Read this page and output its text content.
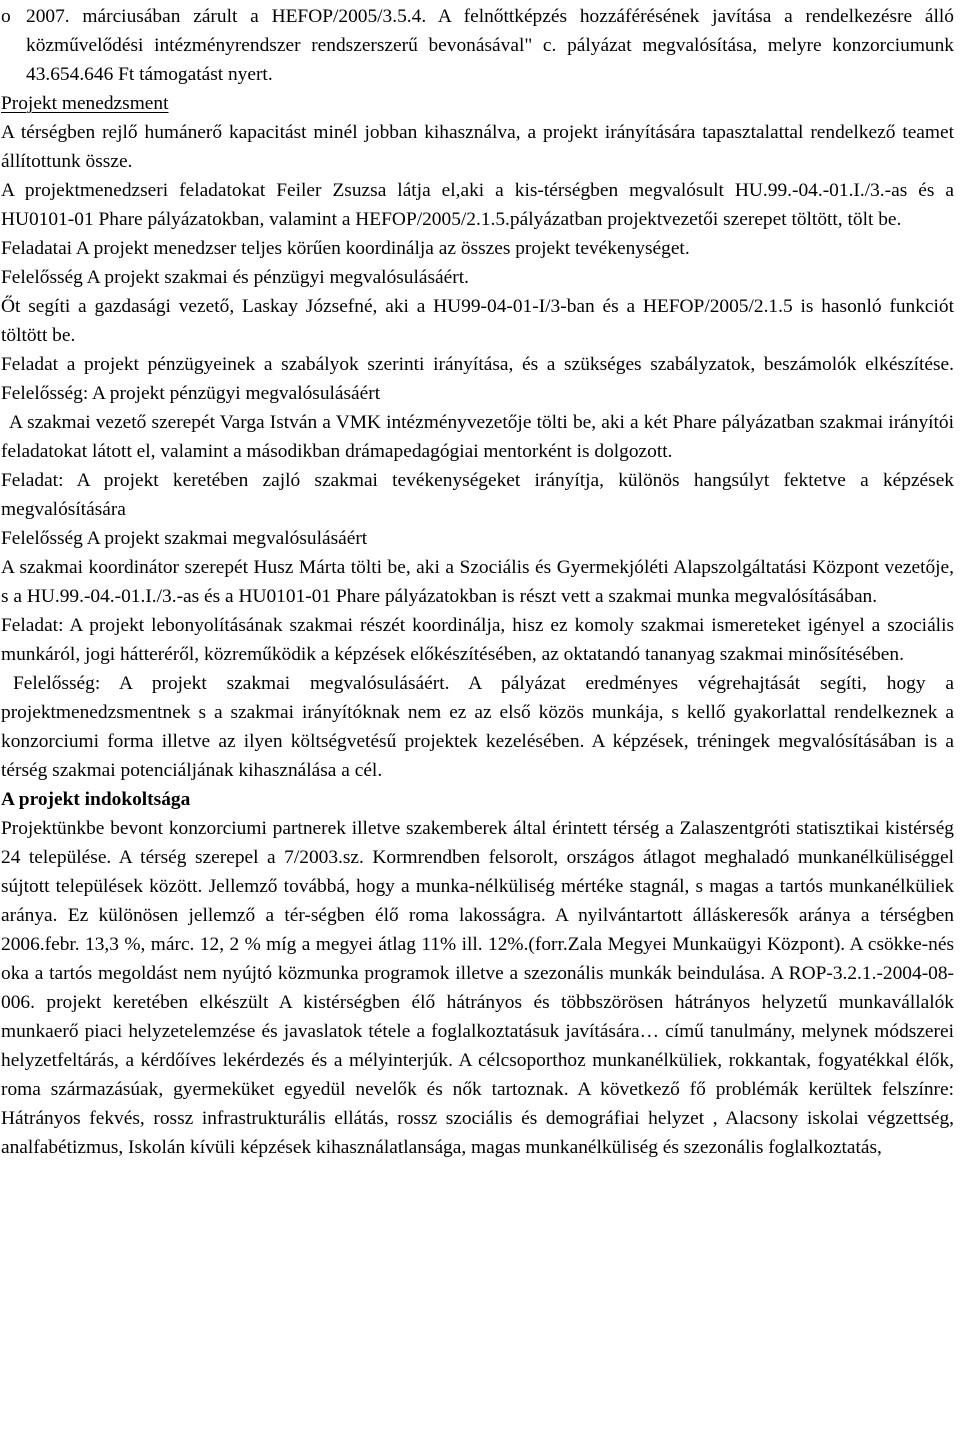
o 2007. márciusában zárult a HEFOP/2005/3.5.4. A felnőttképzés hozzáférésének javítása a rendelkezésre álló közművelődési intézményrendszer rendszerszerű bevonásával" c. pályázat megvalósítása, melyre konzorciumunk 43.654.646 Ft támogatást nyert.

Projekt menedzsment

A térségben rejlő humánerő kapacitást minél jobban kihasználva, a projekt irányítására tapasztalattal rendelkező teamet állítottunk össze.

A projektmenedzseri feladatokat Feiler Zsuzsa látja el,aki a kis-térségben megvalósult HU.99.-04.-01.I./3.-as és a HU0101-01 Phare pályázatokban, valamint a HEFOP/2005/2.1.5.pályázatban projektvezetői szerepet töltött, tölt be.

Feladatai A projekt menedzser teljes körűen koordinálja az összes projekt tevékenységet.

Felelősség A projekt szakmai és pénzügyi megvalósulásáért.

Őt segíti a gazdasági vezető, Laskay Józsefné, aki a HU99-04-01-I/3-ban és a HEFOP/2005/2.1.5 is hasonló funkciót töltött be.

Feladat a projekt pénzügyeinek a szabályok szerinti irányítása, és a szükséges szabályzatok, beszámolók elkészítése. Felelősség: A projekt pénzügyi megvalósulásáért

A szakmai vezető szerepét Varga István a VMK intézményvezetője tölti be, aki a két Phare pályázatban szakmai irányítói feladatokat látott el, valamint a másodikban drámapedagógiai mentorként is dolgozott.

Feladat: A projekt keretében zajló szakmai tevékenységeket irányítja, különös hangsúlyt fektetve a képzések megvalósítására

Felelősség A projekt szakmai megvalósulásáért

A szakmai koordinátor szerepét Husz Márta tölti be, aki a Szociális és Gyermekjóléti Alapszolgáltatási Központ vezetője, s a HU.99.-04.-01.I./3.-as és a HU0101-01 Phare pályázatokban is részt vett a szakmai munka megvalósításában.

Feladat: A projekt lebonyolításának szakmai részét koordinálja, hisz ez komoly szakmai ismereteket igényel a szociális munkáról, jogi hátteréről, közreműködik a képzések előkészítésében, az oktatandó tananyag szakmai minősítésében.

Felelősség: A projekt szakmai megvalósulásáért. A pályázat eredményes végrehajtását segíti, hogy a projektmenedzsmentnek s a szakmai irányítóknak nem ez az első közös munkája, s kellő gyakorlattal rendelkeznek a konzorciumi forma illetve az ilyen költségvetésű projektek kezelésében. A képzések, tréningek megvalósításában is a térség szakmai potenciáljának kihasználása a cél.

A projekt indokoltsága

Projektünkbe bevont konzorciumi partnerek illetve szakemberek által érintett térség a Zalaszentgróti statisztikai kistérség 24 települése. A térség szerepel a 7/2003.sz. Kormrendben felsorolt, országos átlagot meghaladó munkanélküliséggel sújtott települések között. Jellemző továbbá, hogy a munka-nélküliség mértéke stagnál, s magas a tartós munkanélküliek aránya. Ez különösen jellemző a tér-ségben élő roma lakosságra. A nyilvántartott álláskeresők aránya a térségben 2006.febr. 13,3 %, márc. 12, 2 % míg a megyei átlag 11% ill. 12%.(forr.Zala Megyei Munkaügyi Központ). A csökke-nés oka a tartós megoldást nem nyújtó közmunka programok illetve a szezonális munkák beindulása. A ROP-3.2.1.-2004-08-006. projekt keretében elkészült A kistérségben élő hátrányos és többszörösen hátrányos helyzetű munkavállalók munkaerő piaci helyzetelemzése és javaslatok tétele a foglalkoztatásuk javítására… című tanulmány, melynek módszerei helyzetfeltárás, a kérdőíves lekérdezés és a mélyinterjúk. A célcsoporthoz munkanélküliek, rokkantak, fogyatékkal élők, roma származásúak, gyermeküket egyedül nevelők és nők tartoznak. A következő fő problémák kerültek felszínre: Hátrányos fekvés, rossz infrastrukturális ellátás, rossz szociális és demográfiai helyzet , Alacsony iskolai végzettség, analfabétizmus, Iskolán kívüli képzések kihasználatlansága, magas munkanélküliség és szezonális foglalkoztatás,
